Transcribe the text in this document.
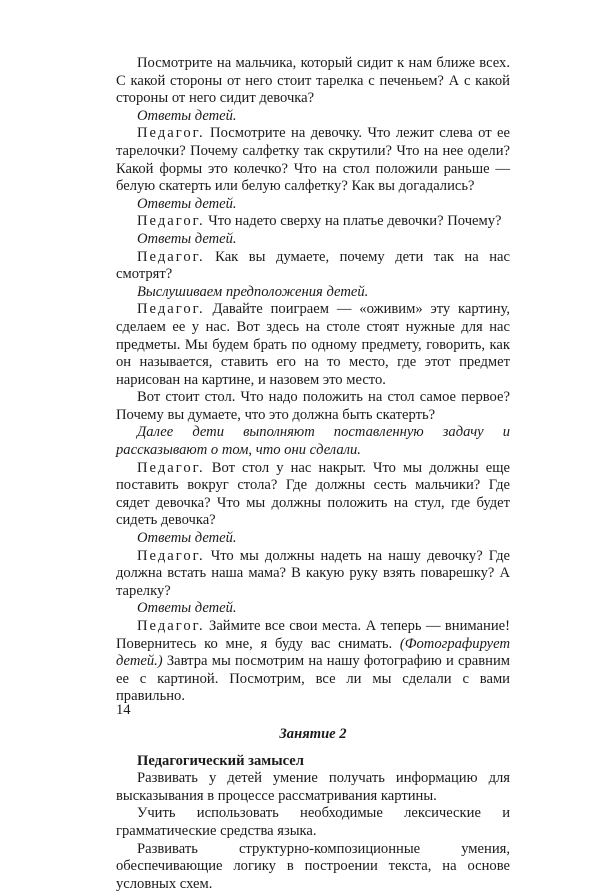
Посмотрите на мальчика, который сидит к нам ближе всех. С какой стороны от него стоит тарелка с печеньем? А с какой стороны от него сидит девочка?

Ответы детей.

Педагог. Посмотрите на девочку. Что лежит слева от ее тарелочки? Почему салфетку так скрутили? Что на нее одели? Какой формы это колечко? Что на стол положили раньше — белую скатерть или белую салфетку? Как вы догадались?

Ответы детей.

Педагог. Что надето сверху на платье девочки? Почему?

Ответы детей.

Педагог. Как вы думаете, почему дети так на нас смотрят?

Выслушиваем предположения детей.

Педагог. Давайте поиграем — «оживим» эту картину, сделаем ее у нас. Вот здесь на столе стоят нужные для нас предметы. Мы будем брать по одному предмету, говорить, как он называется, ставить его на то место, где этот предмет нарисован на картине, и назовем это место.

Вот стоит стол. Что надо положить на стол самое первое? Почему вы думаете, что это должна быть скатерть?

Далее дети выполняют поставленную задачу и рассказывают о том, что они сделали.

Педагог. Вот стол у нас накрыт. Что мы должны еще поставить вокруг стола? Где должны сесть мальчики? Где сядет девочка? Что мы должны положить на стул, где будет сидеть девочка?

Ответы детей.

Педагог. Что мы должны надеть на нашу девочку? Где должна встать наша мама? В какую руку взять поварешку? А тарелку?

Ответы детей.

Педагог. Займите все свои места. А теперь — внимание! Повернитесь ко мне, я буду вас снимать. (Фотографирует детей.) Завтра мы посмотрим на нашу фотографию и сравним ее с картиной. Посмотрим, все ли мы сделали с вами правильно.

Занятие 2

Педагогический замысел

Развивать у детей умение получать информацию для высказывания в процессе рассматривания картины.

Учить использовать необходимые лексические и грамматические средства языка.

Развивать структурно-композиционные умения, обеспечивающие логику в построении текста, на основе условных схем.

14
